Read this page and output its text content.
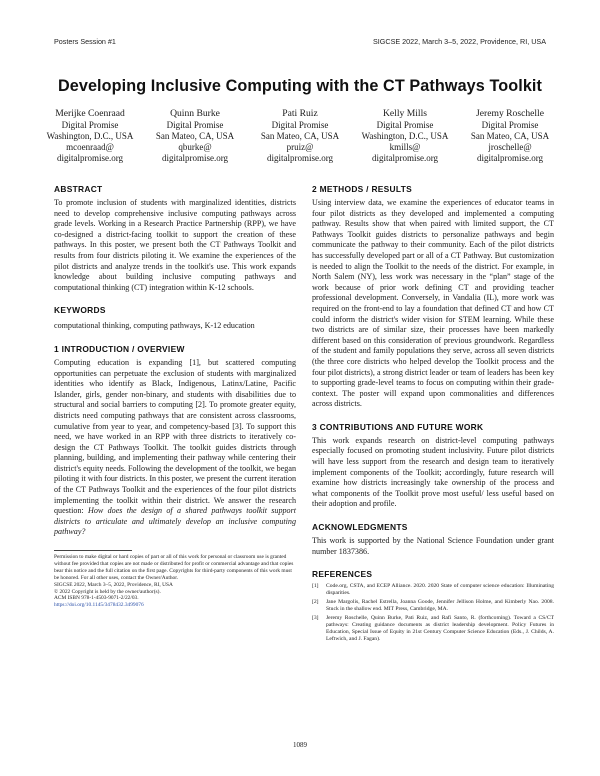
Posters Session #1	SIGCSE 2022, March 3–5, 2022, Providence, RI, USA
Developing Inclusive Computing with the CT Pathways Toolkit
Merijke Coenraad
Digital Promise
Washington, D.C., USA
mcoenraad@
digitalpromise.org
Quinn Burke
Digital Promise
San Mateo, CA, USA
qburke@
digitalpromise.org
Pati Ruiz
Digital Promise
San Mateo, CA, USA
pruiz@
digitalpromise.org
Kelly Mills
Digital Promise
Washington, D.C., USA
kmills@
digitalpromise.org
Jeremy Roschelle
Digital Promise
San Mateo, CA, USA
jroschelle@
digitalpromise.org
ABSTRACT

To promote inclusion of students with marginalized identities, districts need to develop comprehensive inclusive computing pathways across grade levels. Working in a Research Practice Partnership (RPP), we have co-designed a district-facing toolkit to support the creation of these pathways. In this poster, we present both the CT Pathways Toolkit and results from four districts piloting it. We examine the experiences of the pilot districts and analyze trends in the toolkit's use. This work expands knowledge about building inclusive computing pathways and computational thinking (CT) integration within K-12 schools.

KEYWORDS

computational thinking, computing pathways, K-12 education

1 INTRODUCTION / OVERVIEW

Computing education is expanding [1], but scattered computing opportunities can perpetuate the exclusion of students with marginalized identities who identify as Black, Indigenous, Latinx/Latine, Pacific Islander, girls, gender non-binary, and students with disabilities due to structural and social barriers to computing [2]. To promote greater equity, districts need computing pathways that are consistent across classrooms, cumulative from year to year, and competency-based [3]. To support this need, we have worked in an RPP with three districts to iteratively co-design the CT Pathways Toolkit. The toolkit guides districts through planning, building, and implementing their pathway while centering their district's equity needs. Following the development of the toolkit, we began piloting it with four districts. In this poster, we present the current iteration of the CT Pathways Toolkit and the experiences of the four pilot districts implementing the toolkit within their district. We answer the research question: How does the design of a shared pathways toolkit support districts to articulate and ultimately develop an inclusive computing pathway?

Permission to make digital or hard copies of part or all of this work for personal or classroom use is granted without fee provided that copies are not made or distributed for profit or commercial advantage and that copies bear this notice and the full citation on the first page. Copyrights for third-party components of this work must be honored. For all other uses, contact the Owner/Author.
SIGCSE 2022, March 3–5, 2022, Providence, RI, USA
© 2022 Copyright is held by the owner/author(s).
ACM ISBN 978-1-4503-9071-2/22/03.
https://doi.org/10.1145/3478432.3499076
2 METHODS / RESULTS

Using interview data, we examine the experiences of educator teams in four pilot districts as they developed and implemented a computing pathway. Results show that when paired with limited support, the CT Pathways Toolkit guides districts to personalize pathways and begin communicate the pathway to their community. Each of the pilot districts has successfully developed part or all of a CT Pathway. But customization is needed to align the Toolkit to the needs of the district. For example, in North Salem (NY), less work was necessary in the “plan” stage of the work because of prior work defining CT and providing teacher professional development. Conversely, in Vandalia (IL), more work was required on the front-end to lay a foundation that defined CT and how CT could inform the district's wider vision for STEM learning. While these two districts are of similar size, their processes have been markedly different based on this consideration of previous groundwork. Regardless of the student and family populations they serve, across all seven districts (the three core districts who helped develop the Toolkit process and the four pilot districts), a strong district leader or team of leaders has been key to supporting grade-level teams to focus on computing within their grade-context. The poster will expand upon commonalities and differences across districts.

3 CONTRIBUTIONS AND FUTURE WORK

This work expands research on district-level computing pathways especially focused on promoting student inclusivity. Future pilot districts will have less support from the research and design team to iteratively implement components of the Toolkit; accordingly, future research will examine how districts increasingly take ownership of the process and what components of the Toolkit prove most useful/ less useful based on their adoption and profile.

ACKNOWLEDGMENTS

This work is supported by the National Science Foundation under grant number 1837386.

REFERENCES
[1]	Code.org, CSTA, and ECEP Alliance. 2020. 2020 State of computer science education: Illuminating disparities.
[2]	Jane Margolis, Rachel Estrella, Joanna Goode, Jennifer Jellison Holme, and Kimberly Nao. 2008. Stuck in the shallow end. MIT Press, Cambridge, MA.
[3]	Jeremy Roschelle, Quinn Burke, Pati Ruiz, and Rafi Santo, R. (forthcoming). Toward a CS/CT pathways: Creating guidance documents as district leadership development. Policy Futures in Education, Special Issue of Equity in 21st Century Computer Science Education (Eds., J. Childs, A. Leftwich, and J. Fagan).
1089
